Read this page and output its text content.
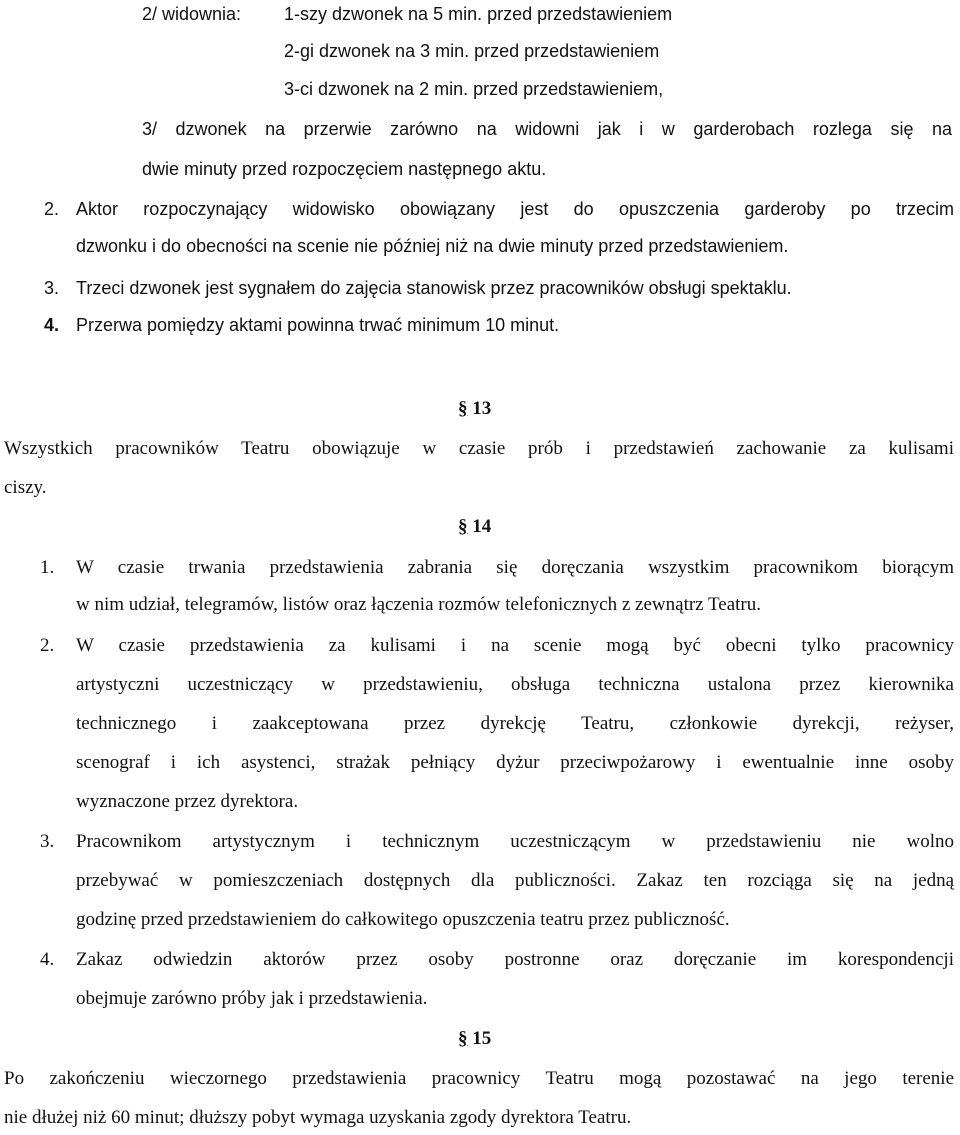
2/ widownia: 1-szy dzwonek na 5 min. przed przedstawieniem
2-gi dzwonek na 3 min. przed przedstawieniem
3-ci dzwonek na 2 min. przed przedstawieniem,
3/ dzwonek na przerwie zarówno na widowni jak i w garderobach rozlega się na
dwie minuty przed rozpoczęciem następnego aktu.
2. Aktor rozpoczynający widowisko obowiązany jest do opuszczenia garderoby po trzecim
dzwonku i do obecności na scenie nie później niż na dwie minuty przed przedstawieniem.
3. Trzeci dzwonek jest sygnałem do zajęcia stanowisk przez pracowników obsługi spektaklu.
4. Przerwa pomiędzy aktami powinna trwać minimum 10 minut.
§ 13
Wszystkich pracowników Teatru obowiązuje w czasie prób i przedstawień zachowanie za kulisami
ciszy.
§ 14
1. W czasie trwania przedstawienia zabrania się doręczania wszystkim pracownikom biorącym
w nim udział, telegramów, listów oraz łączenia rozmów telefonicznych z zewnątrz Teatru.
2. W czasie przedstawienia za kulisami i na scenie mogą być obecni tylko pracownicy
artystyczni uczestniczący w przedstawieniu, obsługa techniczna ustalona przez kierownika
technicznego i zaakceptowana przez dyrekcję Teatru, członkowie dyrekcji, reżyser,
scenograf i ich asystenci, strażak pełniący dyżur przeciwpożarowy i ewentualnie inne osoby
wyznaczone przez dyrektora.
3. Pracownikom artystycznym i technicznym uczestniczącym w przedstawieniu nie wolno
przebywać w pomieszczeniach dostępnych dla publiczności. Zakaz ten rozciąga się na jedną
godzinę przed przedstawieniem do całkowitego opuszczenia teatru przez publiczność.
4. Zakaz odwiedzin aktorów przez osoby postronne oraz doręczanie im korespondencji
obejmuje zarówno próby jak i przedstawienia.
§ 15
Po zakończeniu wieczornego przedstawienia pracownicy Teatru mogą pozostawać na jego terenie
nie dłużej niż 60 minut; dłuższy pobyt wymaga uzyskania zgody dyrektora Teatru.
